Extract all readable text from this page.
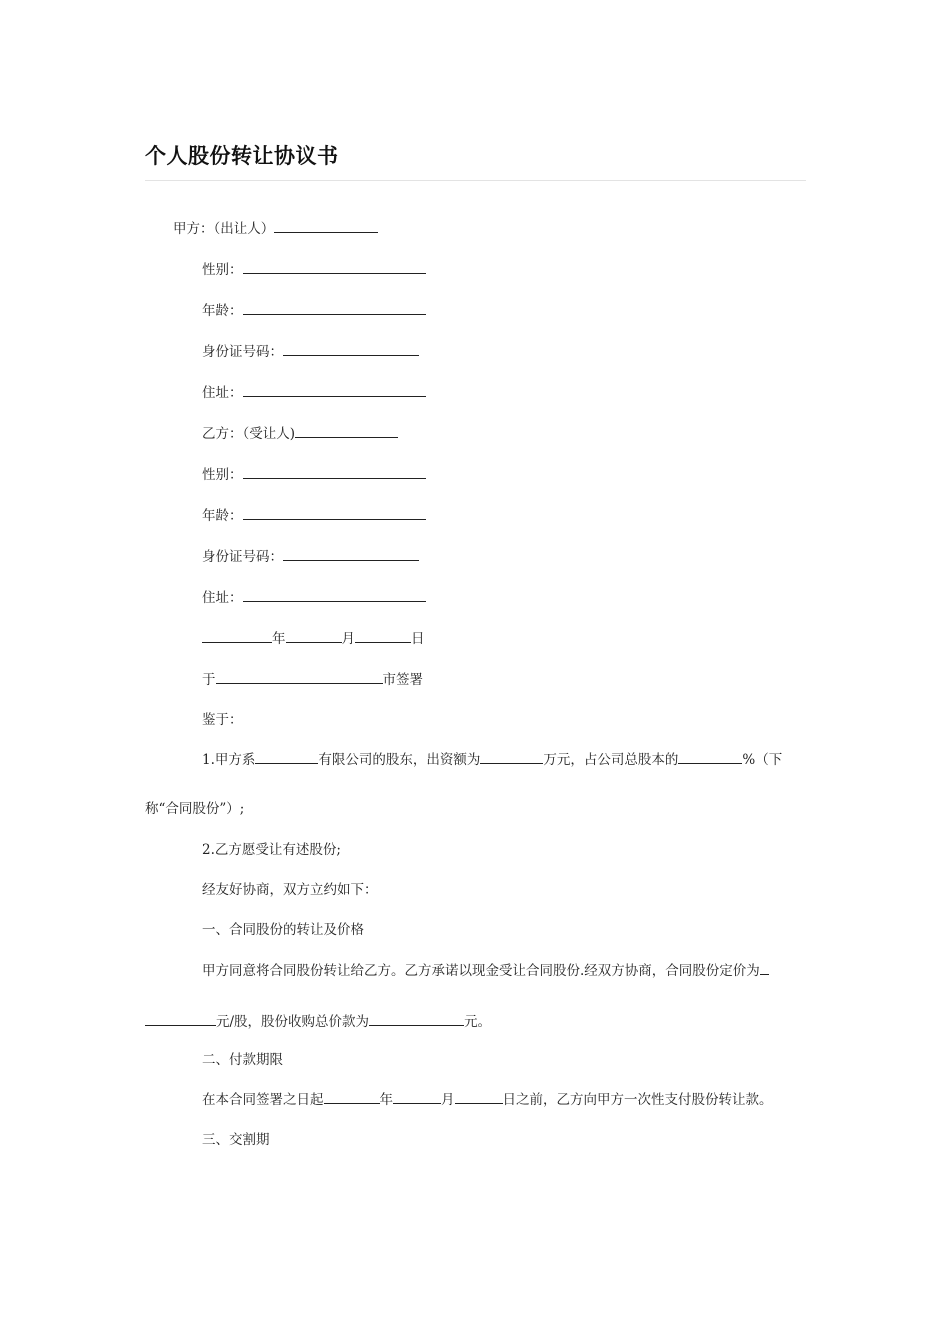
个人股份转让协议书
甲方：（出让人）
性别：
年龄：
身份证号码：
住址：
乙方：（受让人)
性别：
年龄：
身份证号码：
住址：
年	月	日
于	市签署
鉴于：
1.甲方系	有限公司的股东，出资额为	万元，占公司总股本的	%（下
称“合同股份”）;
2.乙方愿受让有述股份;
经友好协商，双方立约如下：
一、合同股份的转让及价格
甲方同意将合同股份转让给乙方。乙方承诺以现金受让合同股份.经双方协商，合同股份定价为
元/股，股份收购总价款为	元。
二、付款期限
在本合同签署之日起	年	月	日之前，乙方向甲方一次性支付股份转让款。
三、交割期
